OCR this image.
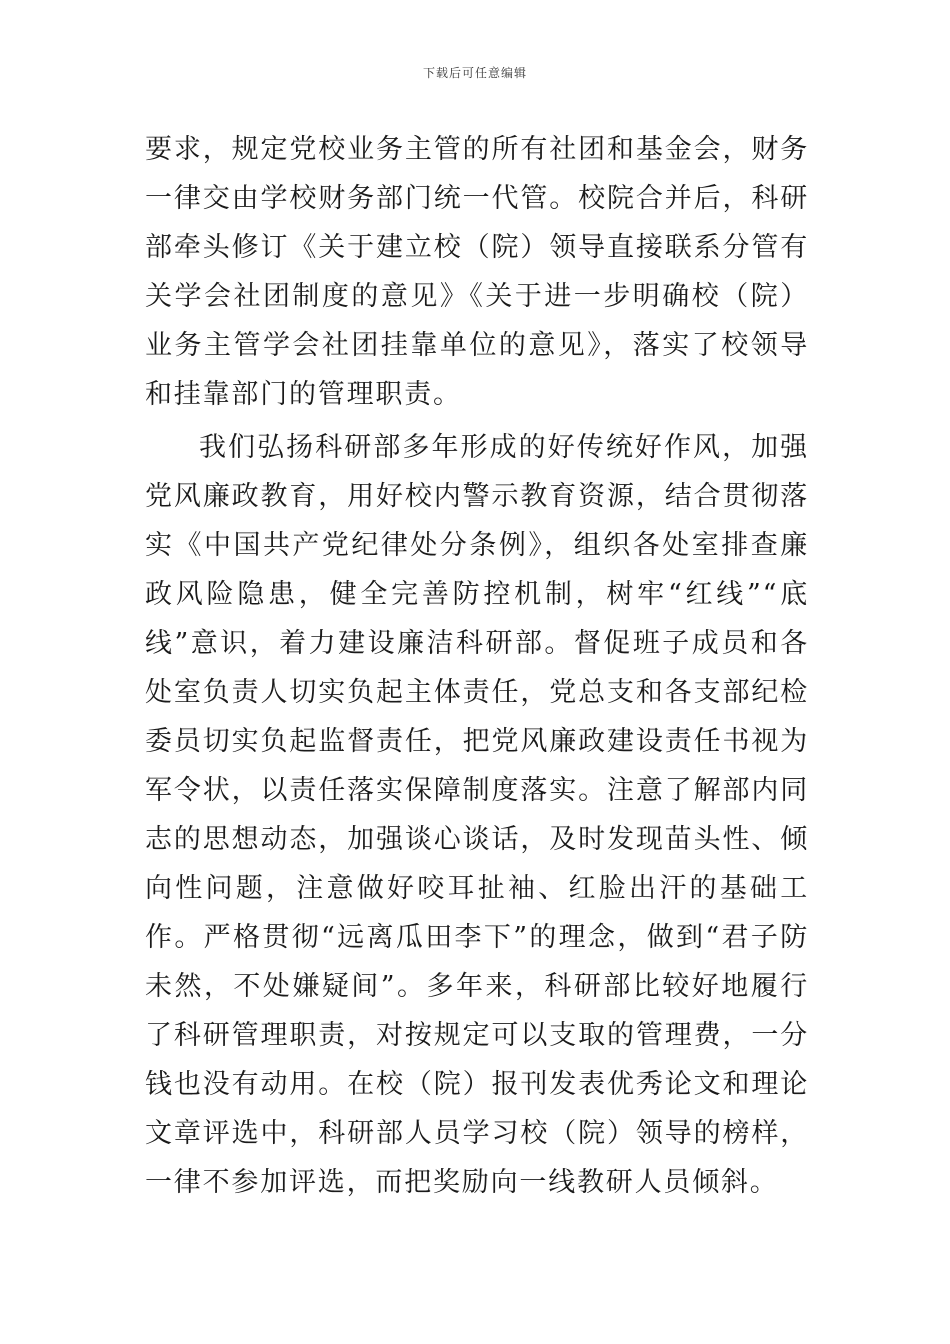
下载后可任意编辑

要求，规定党校业务主管的所有社团和基金会，财务一律交由学校财务部门统一代管。校院合并后，科研部牵头修订《关于建立校（院）领导直接联系分管有关学会社团制度的意见》《关于进一步明确校（院）业务主管学会社团挂靠单位的意见》，落实了校领导和挂靠部门的管理职责。

我们弘扬科研部多年形成的好传统好作风，加强党风廉政教育，用好校内警示教育资源，结合贯彻落实《中国共产党纪律处分条例》，组织各处室排查廉政风险隐患，健全完善防控机制，树牢“红线”“底线”意识，着力建设廉洁科研部。督促班子成员和各处室负责人切实负起主体责任，党总支和各支部纪检委员切实负起监督责任，把党风廉政建设责任书视为军令状，以责任落实保障制度落实。注意了解部内同志的思想动态，加强谈心谈话，及时发现苗头性、倾向性问题，注意做好咬耳扯袖、红脸出汗的基础工作。严格贯彻“远离瓜田李下”的理念，做到“君子防未然，不处嫌疑间”。多年来，科研部比较好地履行了科研管理职责，对按规定可以支取的管理费，一分钱也没有动用。在校（院）报刊发表优秀论文和理论文章评选中，科研部人员学习校（院）领导的榜样，一律不参加评选，而把奖励向一线教研人员倾斜。
